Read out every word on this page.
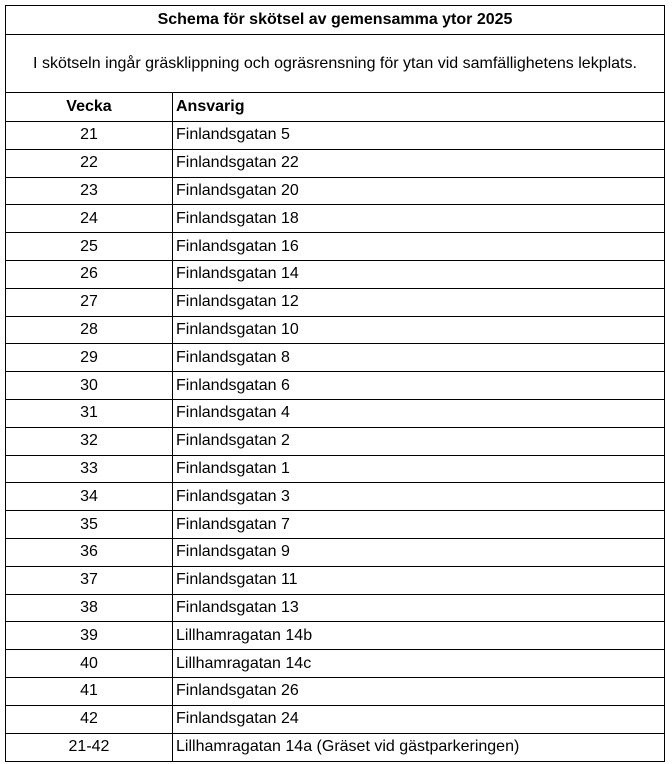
Schema för skötsel av gemensamma ytor 2025
I skötseln ingår gräsklippning och ogräsrensning för ytan vid samfällighetens lekplats.
Vecka	Ansvarig
21	Finlandsgatan 5
22	Finlandsgatan 22
23	Finlandsgatan 20
24	Finlandsgatan 18
25	Finlandsgatan 16
26	Finlandsgatan 14
27	Finlandsgatan 12
28	Finlandsgatan 10
29	Finlandsgatan 8
30	Finlandsgatan 6
31	Finlandsgatan 4
32	Finlandsgatan 2
33	Finlandsgatan 1
34	Finlandsgatan 3
35	Finlandsgatan 7
36	Finlandsgatan 9
37	Finlandsgatan 11
38	Finlandsgatan 13
39	Lillhamragatan 14b
40	Lillhamragatan 14c
41	Finlandsgatan 26
42	Finlandsgatan 24
21-42	Lillhamragatan 14a (Gräset vid gästparkeringen)
